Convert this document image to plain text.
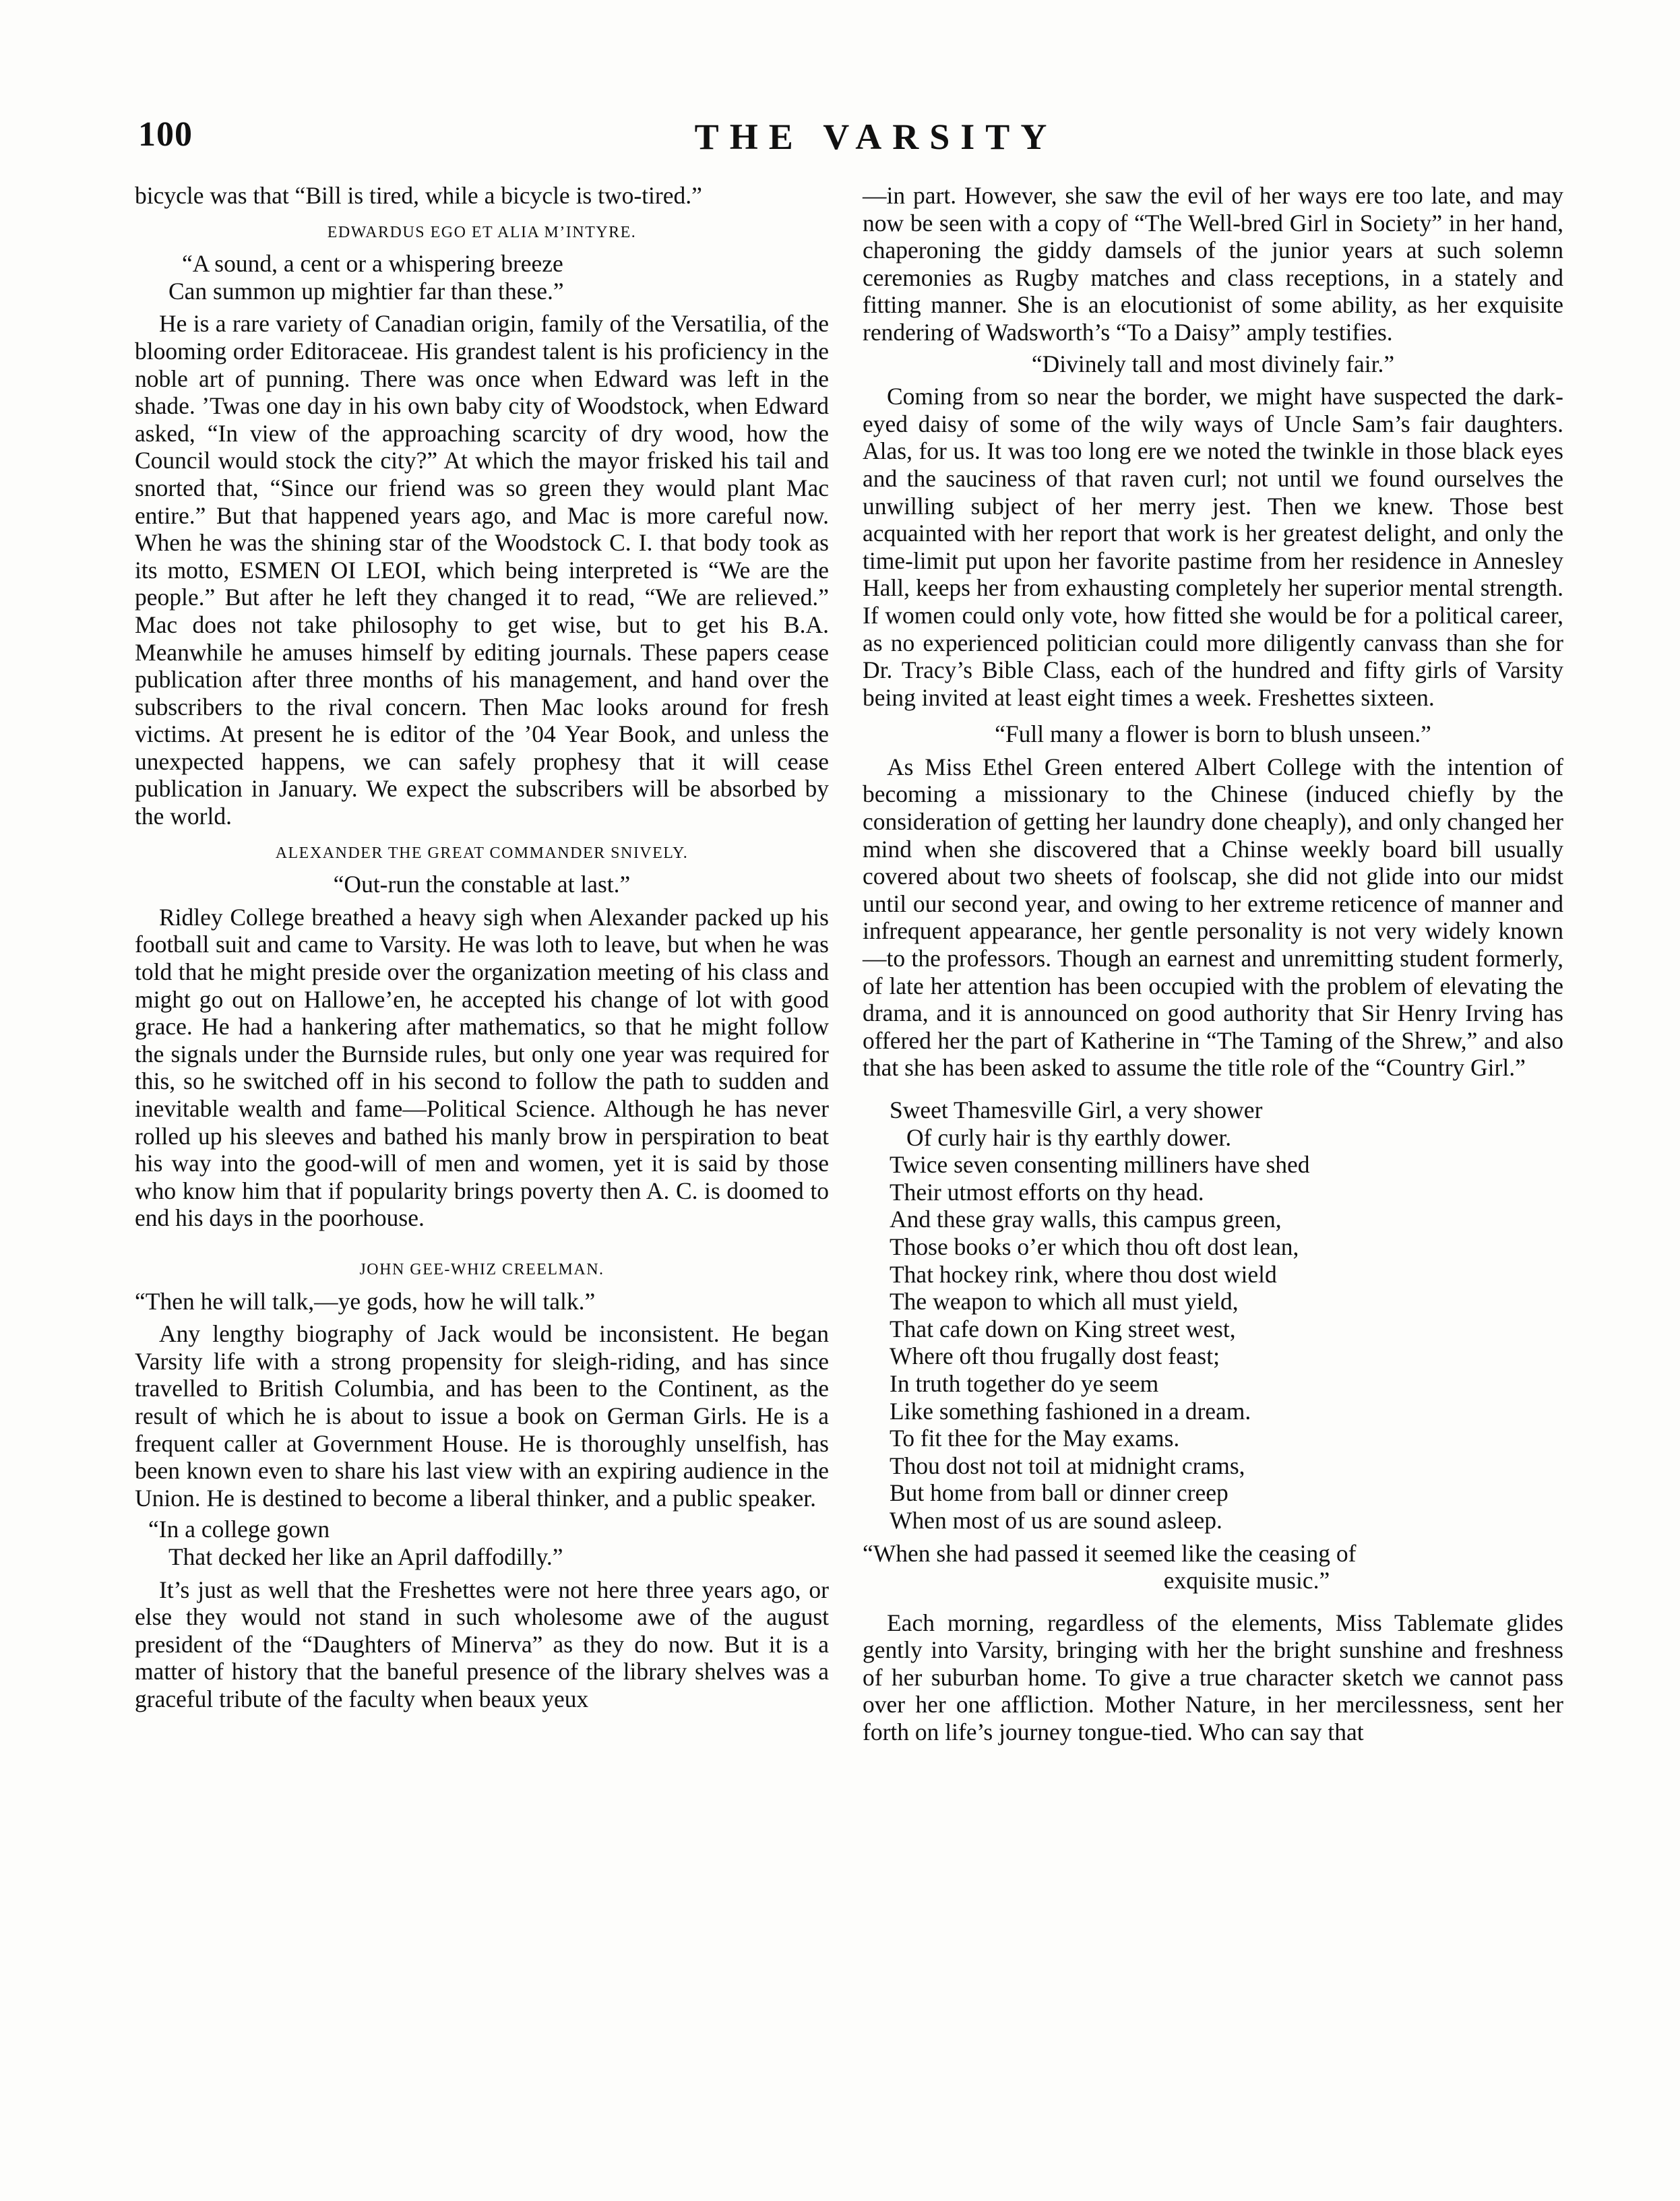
100	THE VARSITY

bicycle was that “Bill is tired, while a bicycle is two-tired.”

EDWARDUS EGO ET ALIA M’INTYRE.
“A sound, a cent or a whispering breeze
Can summon up mightier far than these.”

He is a rare variety of Canadian origin, family of the Versatilia, of the blooming order Editoraceae. His grandest talent is his proficiency in the noble art of punning. There was once when Edward was left in the shade. ’Twas one day in his own baby city of Woodstock, when Edward asked, “In view of the approaching scarcity of dry wood, how the Council would stock the city?” At which the mayor frisked his tail and snorted that, “Since our friend was so green they would plant Mac entire.” But that happened years ago, and Mac is more careful now. When he was the shining star of the Woodstock C. I. that body took as its motto, ESMEN OI LEOI, which being interpreted is “We are the people.” But after he left they changed it to read, “We are relieved.” Mac does not take philosophy to get wise, but to get his B.A. Meanwhile he amuses himself by editing journals. These papers cease publication after three months of his management, and hand over the subscribers to the rival concern. Then Mac looks around for fresh victims. At present he is editor of the ’04 Year Book, and unless the unexpected happens, we can safely prophesy that it will cease publication in January. We expect the subscribers will be absorbed by the world.

ALEXANDER THE GREAT COMMANDER SNIVELY.
“Out-run the constable at last.”

Ridley College breathed a heavy sigh when Alexander packed up his football suit and came to Varsity. He was loth to leave, but when he was told that he might preside over the organization meeting of his class and might go out on Hallowe’en, he accepted his change of lot with good grace. He had a hankering after mathematics, so that he might follow the signals under the Burnside rules, but only one year was required for this, so he switched off in his second to follow the path to sudden and inevitable wealth and fame—Political Science. Although he has never rolled up his sleeves and bathed his manly brow in perspiration to beat his way into the good-will of men and women, yet it is said by those who know him that if popularity brings poverty then A. C. is doomed to end his days in the poorhouse.

JOHN GEE-WHIZ CREELMAN.
“Then he will talk,—ye gods, how he will talk.”

Any lengthy biography of Jack would be inconsistent. He began Varsity life with a strong propensity for sleigh-riding, and has since travelled to British Columbia, and has been to the Continent, as the result of which he is about to issue a book on German Girls. He is a frequent caller at Government House. He is thoroughly unselfish, has been known even to share his last view with an expiring audience in the Union. He is destined to become a liberal thinker, and a public speaker.

“In a college gown
That decked her like an April daffodilly.”

It’s just as well that the Freshettes were not here three years ago, or else they would not stand in such wholesome awe of the august president of the “Daughters of Minerva” as they do now. But it is a matter of history that the baneful presence of the library shelves was a graceful tribute of the faculty when beaux yeux

—in part. However, she saw the evil of her ways ere too late, and may now be seen with a copy of “The Well-bred Girl in Society” in her hand, chaperoning the giddy damsels of the junior years at such solemn ceremonies as Rugby matches and class receptions, in a stately and fitting manner. She is an elocutionist of some ability, as her exquisite rendering of Wadsworth’s “To a Daisy” amply testifies.

“Divinely tall and most divinely fair.”

Coming from so near the border, we might have suspected the dark-eyed daisy of some of the wily ways of Uncle Sam’s fair daughters. Alas, for us. It was too long ere we noted the twinkle in those black eyes and the sauciness of that raven curl; not until we found ourselves the unwilling subject of her merry jest. Then we knew. Those best acquainted with her report that work is her greatest delight, and only the time-limit put upon her favorite pastime from her residence in Annesley Hall, keeps her from exhausting completely her superior mental strength. If women could only vote, how fitted she would be for a political career, as no experienced politician could more diligently canvass than she for Dr. Tracy’s Bible Class, each of the hundred and fifty girls of Varsity being invited at least eight times a week. Freshettes sixteen.

“Full many a flower is born to blush unseen.”

As Miss Ethel Green entered Albert College with the intention of becoming a missionary to the Chinese (induced chiefly by the consideration of getting her laundry done cheaply), and only changed her mind when she discovered that a Chinse weekly board bill usually covered about two sheets of foolscap, she did not glide into our midst until our second year, and owing to her extreme reticence of manner and infrequent appearance, her gentle personality is not very widely known—to the professors. Though an earnest and unremitting student formerly, of late her attention has been occupied with the problem of elevating the drama, and it is announced on good authority that Sir Henry Irving has offered her the part of Katherine in “The Taming of the Shrew,” and also that she has been asked to assume the title role of the “Country Girl.”

Sweet Thamesville Girl, a very shower
Of curly hair is thy earthly dower.
Twice seven consenting milliners have shed
Their utmost efforts on thy head.
And these gray walls, this campus green,
Those books o’er which thou oft dost lean,
That hockey rink, where thou dost wield
The weapon to which all must yield,
That cafe down on King street west,
Where oft thou frugally dost feast;
In truth together do ye seem
Like something fashioned in a dream.
To fit thee for the May exams.
Thou dost not toil at midnight crams,
But home from ball or dinner creep
When most of us are sound asleep.
“When she had passed it seemed like the ceasing of
exquisite music.”

Each morning, regardless of the elements, Miss Tablemate glides gently into Varsity, bringing with her the bright sunshine and freshness of her suburban home. To give a true character sketch we cannot pass over her one affliction. Mother Nature, in her mercilessness, sent her forth on life’s journey tongue-tied. Who can say that
